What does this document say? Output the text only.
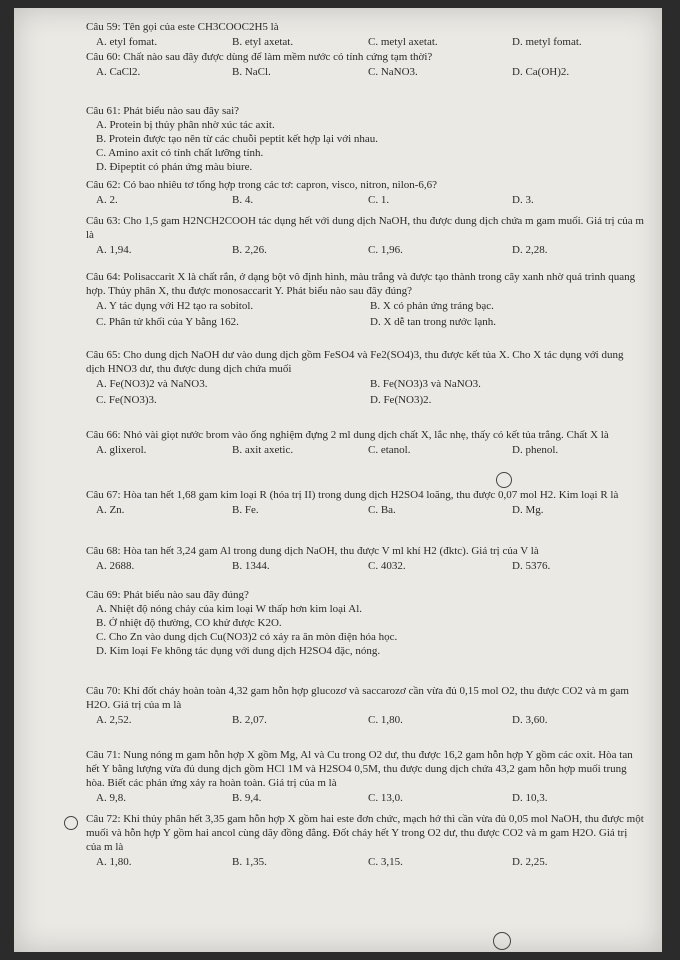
Câu 59: Tên gọi của este CH3COOC2H5 là
A. etyl fomat.	B. etyl axetat.	C. metyl axetat.	D. metyl fomat.
Câu 60: Chất nào sau đây được dùng để làm mềm nước có tính cứng tạm thời?
A. CaCl2.	B. NaCl.	C. NaNO3.	D. Ca(OH)2.
Câu 61: Phát biểu nào sau đây sai?
A. Protein bị thủy phân nhờ xúc tác axit.
B. Protein được tạo nên từ các chuỗi peptit kết hợp lại với nhau.
C. Amino axit có tính chất lưỡng tính.
D. Đipeptit có phản ứng màu biure.
Câu 62: Có bao nhiêu tơ tổng hợp trong các tơ: capron, visco, nitron, nilon-6,6?
A. 2.	B. 4.	C. 1.	D. 3.
Câu 63: Cho 1,5 gam H2NCH2COOH tác dụng hết với dung dịch NaOH, thu được dung dịch chứa m gam muối. Giá trị của m là
A. 1,94.	B. 2,26.	C. 1,96.	D. 2,28.
Câu 64: Polisaccarit X là chất rắn, ở dạng bột vô định hình, màu trắng và được tạo thành trong cây xanh nhờ quá trình quang hợp. Thủy phân X, thu được monosaccarit Y. Phát biểu nào sau đây đúng?
A. Y tác dụng với H2 tạo ra sobitol.	B. X có phản ứng tráng bạc.
C. Phân tử khối của Y bằng 162.	D. X dễ tan trong nước lạnh.
Câu 65: Cho dung dịch NaOH dư vào dung dịch gồm FeSO4 và Fe2(SO4)3, thu được kết tủa X. Cho X tác dụng với dung dịch HNO3 dư, thu được dung dịch chứa muối
A. Fe(NO3)2 và NaNO3.	B. Fe(NO3)3 và NaNO3.
C. Fe(NO3)3.	D. Fe(NO3)2.
Câu 66: Nhỏ vài giọt nước brom vào ống nghiệm đựng 2 ml dung dịch chất X, lắc nhẹ, thấy có kết tủa trắng. Chất X là
A. glixerol.	B. axit axetic.	C. etanol.	D. phenol.
Câu 67: Hòa tan hết 1,68 gam kim loại R (hóa trị II) trong dung dịch H2SO4 loãng, thu được 0,07 mol H2. Kim loại R là
A. Zn.	B. Fe.	C. Ba.	D. Mg.
Câu 68: Hòa tan hết 3,24 gam Al trong dung dịch NaOH, thu được V ml khí H2 (đktc). Giá trị của V là
A. 2688.	B. 1344.	C. 4032.	D. 5376.
Câu 69: Phát biểu nào sau đây đúng?
A. Nhiệt độ nóng chảy của kim loại W thấp hơn kim loại Al.
B. Ở nhiệt độ thường, CO khử được K2O.
C. Cho Zn vào dung dịch Cu(NO3)2 có xảy ra ăn mòn điện hóa học.
D. Kim loại Fe không tác dụng với dung dịch H2SO4 đặc, nóng.
Câu 70: Khi đốt cháy hoàn toàn 4,32 gam hỗn hợp glucozơ và saccarozơ cần vừa đủ 0,15 mol O2, thu được CO2 và m gam H2O. Giá trị của m là
A. 2,52.	B. 2,07.	C. 1,80.	D. 3,60.
Câu 71: Nung nóng m gam hỗn hợp X gồm Mg, Al và Cu trong O2 dư, thu được 16,2 gam hỗn hợp Y gồm các oxit. Hòa tan hết Y bằng lượng vừa đủ dung dịch gồm HCl 1M và H2SO4 0,5M, thu được dung dịch chứa 43,2 gam hỗn hợp muối trung hòa. Biết các phản ứng xảy ra hoàn toàn. Giá trị của m là
A. 9,8.	B. 9,4.	C. 13,0.	D. 10,3.
Câu 72: Khi thủy phân hết 3,35 gam hỗn hợp X gồm hai este đơn chức, mạch hở thì cần vừa đủ 0,05 mol NaOH, thu được một muối và hỗn hợp Y gồm hai ancol cùng dãy đồng đẳng. Đốt cháy hết Y trong O2 dư, thu được CO2 và m gam H2O. Giá trị của m là
A. 1,80.	B. 1,35.	C. 3,15.	D. 2,25.
